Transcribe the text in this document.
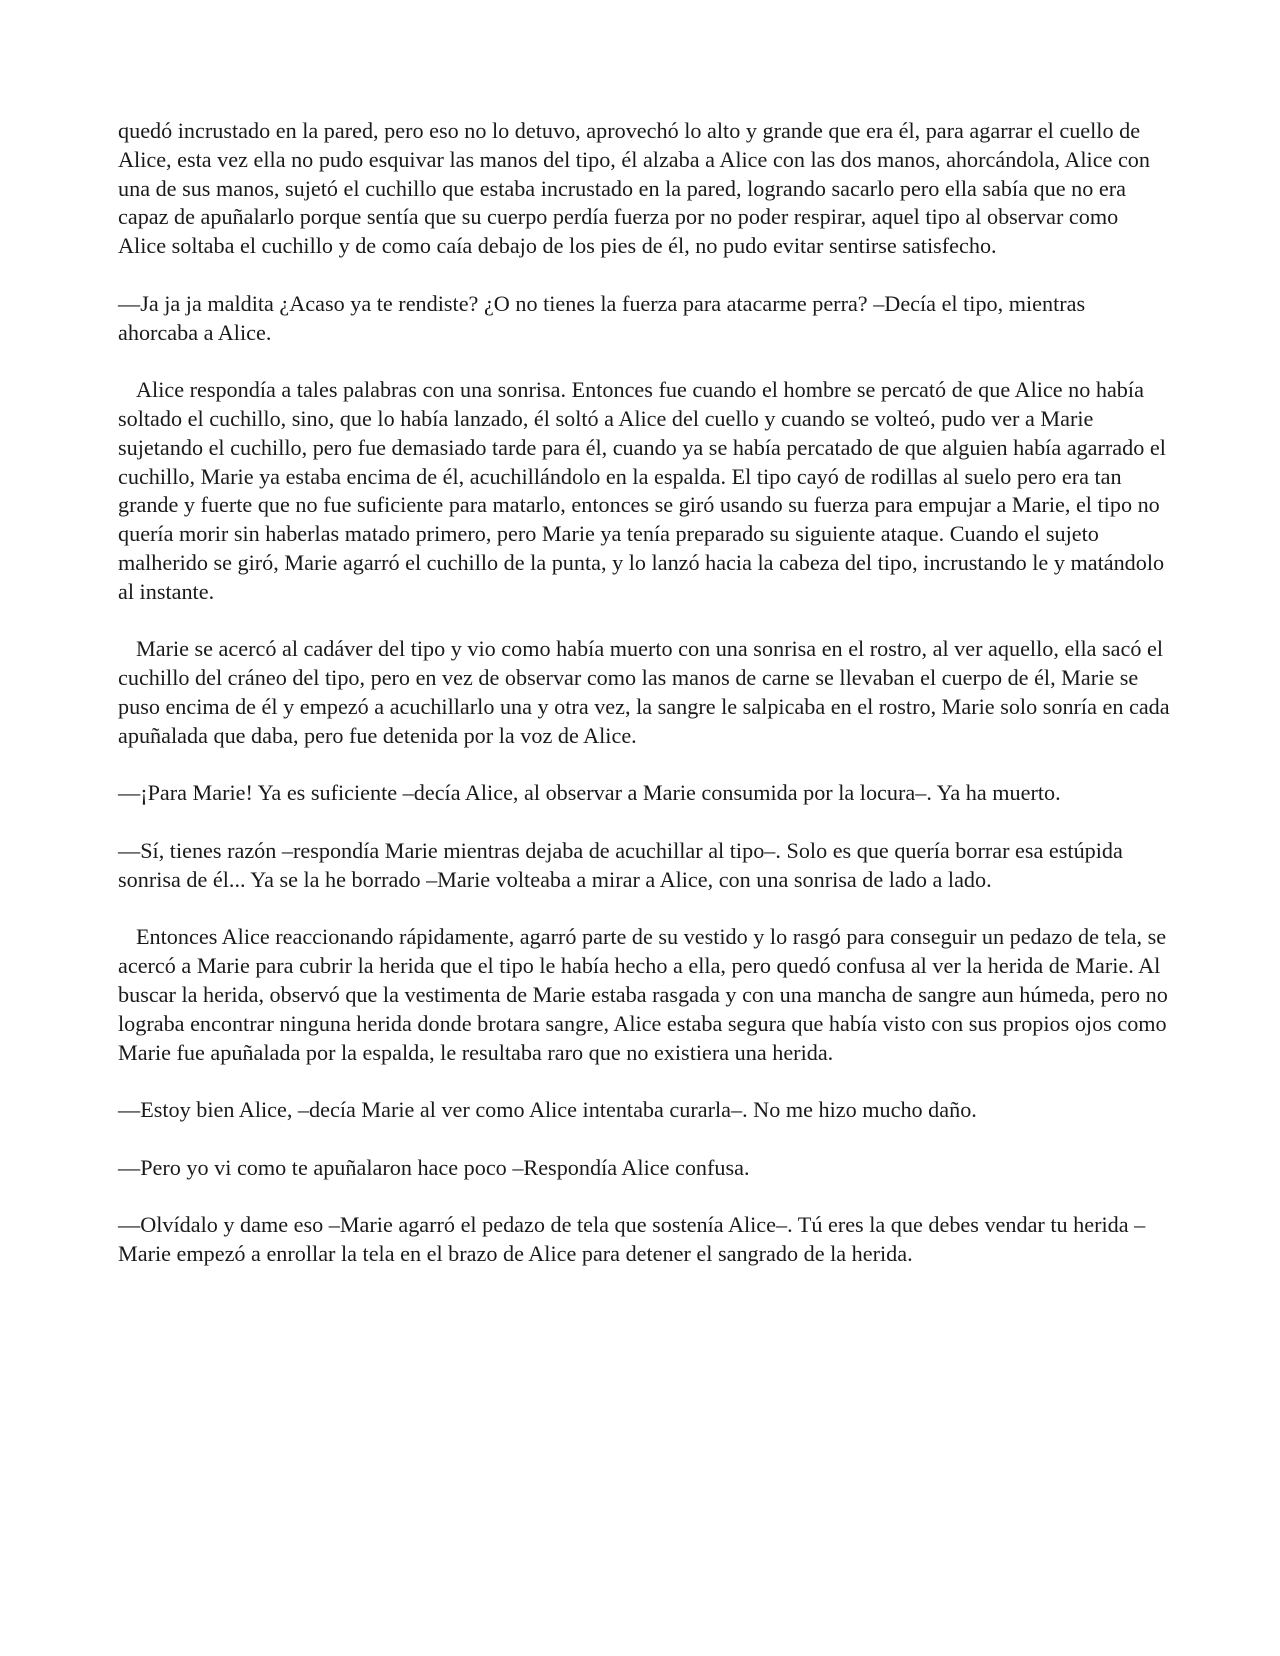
quedó incrustado en la pared, pero eso no lo detuvo, aprovechó lo alto y grande que era él, para agarrar el cuello de Alice, esta vez ella no pudo esquivar las manos del tipo, él alzaba a Alice con las dos manos, ahorcándola, Alice con una de sus manos, sujetó el cuchillo que estaba incrustado en la pared, logrando sacarlo pero ella sabía que no era capaz de apuñalarlo porque sentía que su cuerpo perdía fuerza por no poder respirar, aquel tipo al observar como Alice soltaba el cuchillo y de como caía debajo de los pies de él, no pudo evitar sentirse satisfecho.

—Ja ja ja maldita ¿Acaso ya te rendiste? ¿O no tienes la fuerza para atacarme perra? –Decía el tipo, mientras ahorcaba a Alice.

Alice respondía a tales palabras con una sonrisa. Entonces fue cuando el hombre se percató de que Alice no había soltado el cuchillo, sino, que lo había lanzado, él soltó a Alice del cuello y cuando se volteó, pudo ver a Marie sujetando el cuchillo, pero fue demasiado tarde para él, cuando ya se había percatado de que alguien había agarrado el cuchillo, Marie ya estaba encima de él, acuchillándolo en la espalda. El tipo cayó de rodillas al suelo pero era tan grande y fuerte que no fue suficiente para matarlo, entonces se giró usando su fuerza para empujar a Marie, el tipo no quería morir sin haberlas matado primero, pero Marie ya tenía preparado su siguiente ataque. Cuando el sujeto malherido se giró, Marie agarró el cuchillo de la punta, y lo lanzó hacia la cabeza del tipo, incrustando le y matándolo al instante.

Marie se acercó al cadáver del tipo y vio como había muerto con una sonrisa en el rostro, al ver aquello, ella sacó el cuchillo del cráneo del tipo, pero en vez de observar como las manos de carne se llevaban el cuerpo de él, Marie se puso encima de él y empezó a acuchillarlo una y otra vez, la sangre le salpicaba en el rostro, Marie solo sonría en cada apuñalada que daba, pero fue detenida por la voz de Alice.

—¡Para Marie! Ya es suficiente –decía Alice, al observar a Marie consumida por la locura–. Ya ha muerto.

—Sí, tienes razón –respondía Marie mientras dejaba de acuchillar al tipo–. Solo es que quería borrar esa estúpida sonrisa de él... Ya se la he borrado –Marie volteaba a mirar a Alice, con una sonrisa de lado a lado.

Entonces Alice reaccionando rápidamente, agarró parte de su vestido y lo rasgó para conseguir un pedazo de tela, se acercó a Marie para cubrir la herida que el tipo le había hecho a ella, pero quedó confusa al ver la herida de Marie. Al buscar la herida, observó que la vestimenta de Marie estaba rasgada y con una mancha de sangre aun húmeda, pero no lograba encontrar ninguna herida donde brotara sangre, Alice estaba segura que había visto con sus propios ojos como Marie fue apuñalada por la espalda, le resultaba raro que no existiera una herida.

—Estoy bien Alice, –decía Marie al ver como Alice intentaba curarla–. No me hizo mucho daño.

—Pero yo vi como te apuñalaron hace poco –Respondía Alice confusa.

—Olvídalo y dame eso –Marie agarró el pedazo de tela que sostenía Alice–. Tú eres la que debes vendar tu herida –Marie empezó a enrollar la tela en el brazo de Alice para detener el sangrado de la herida.
